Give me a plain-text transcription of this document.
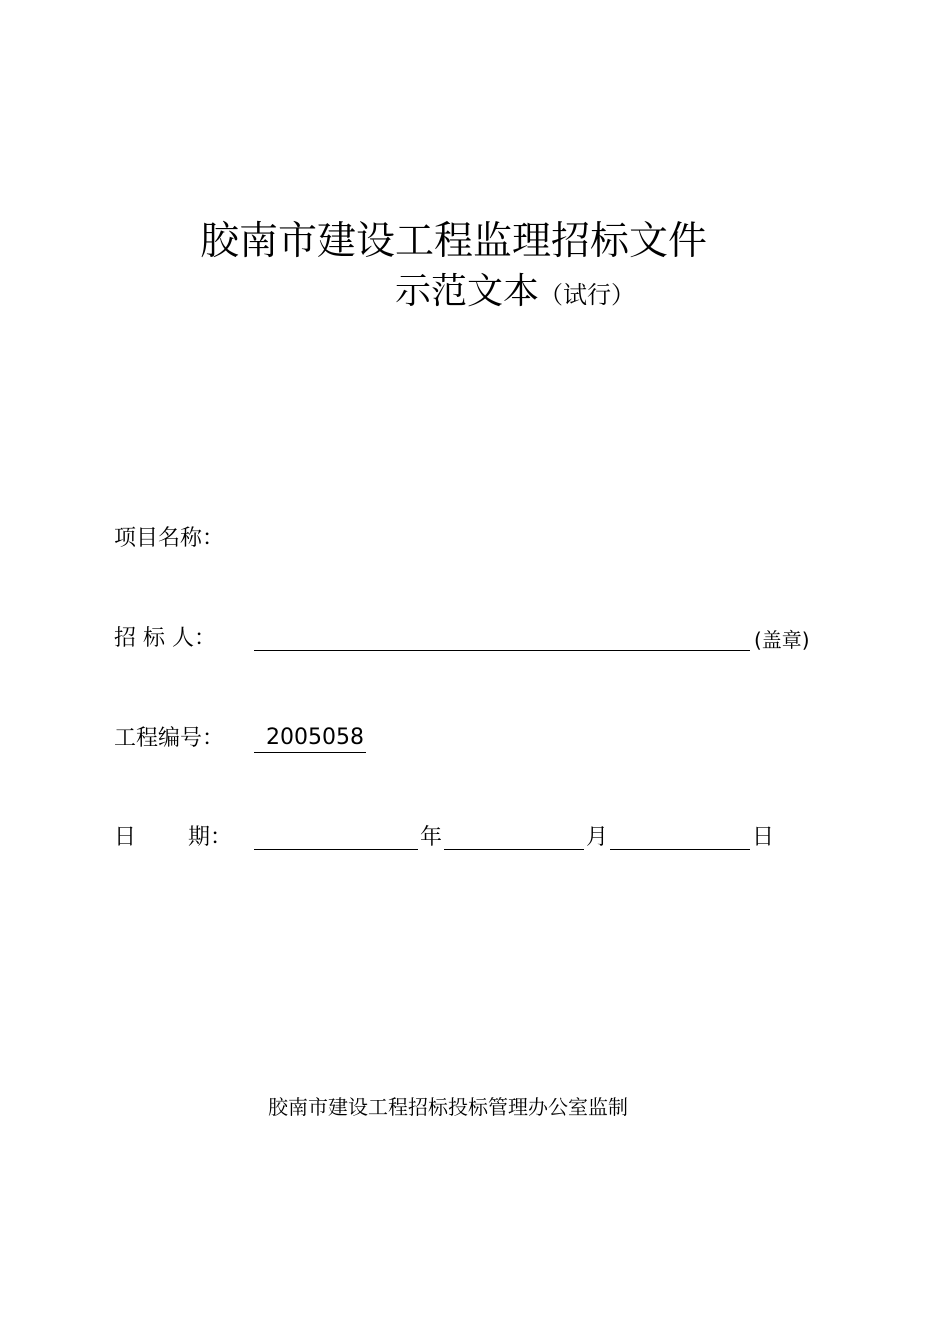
胶南市建设工程监理招标文件
示范文本（试行）
项目名称：
招 标 人：	(盖章)
工程编号：	2005058
日 期：	年	月	日
胶南市建设工程招标投标管理办公室监制
